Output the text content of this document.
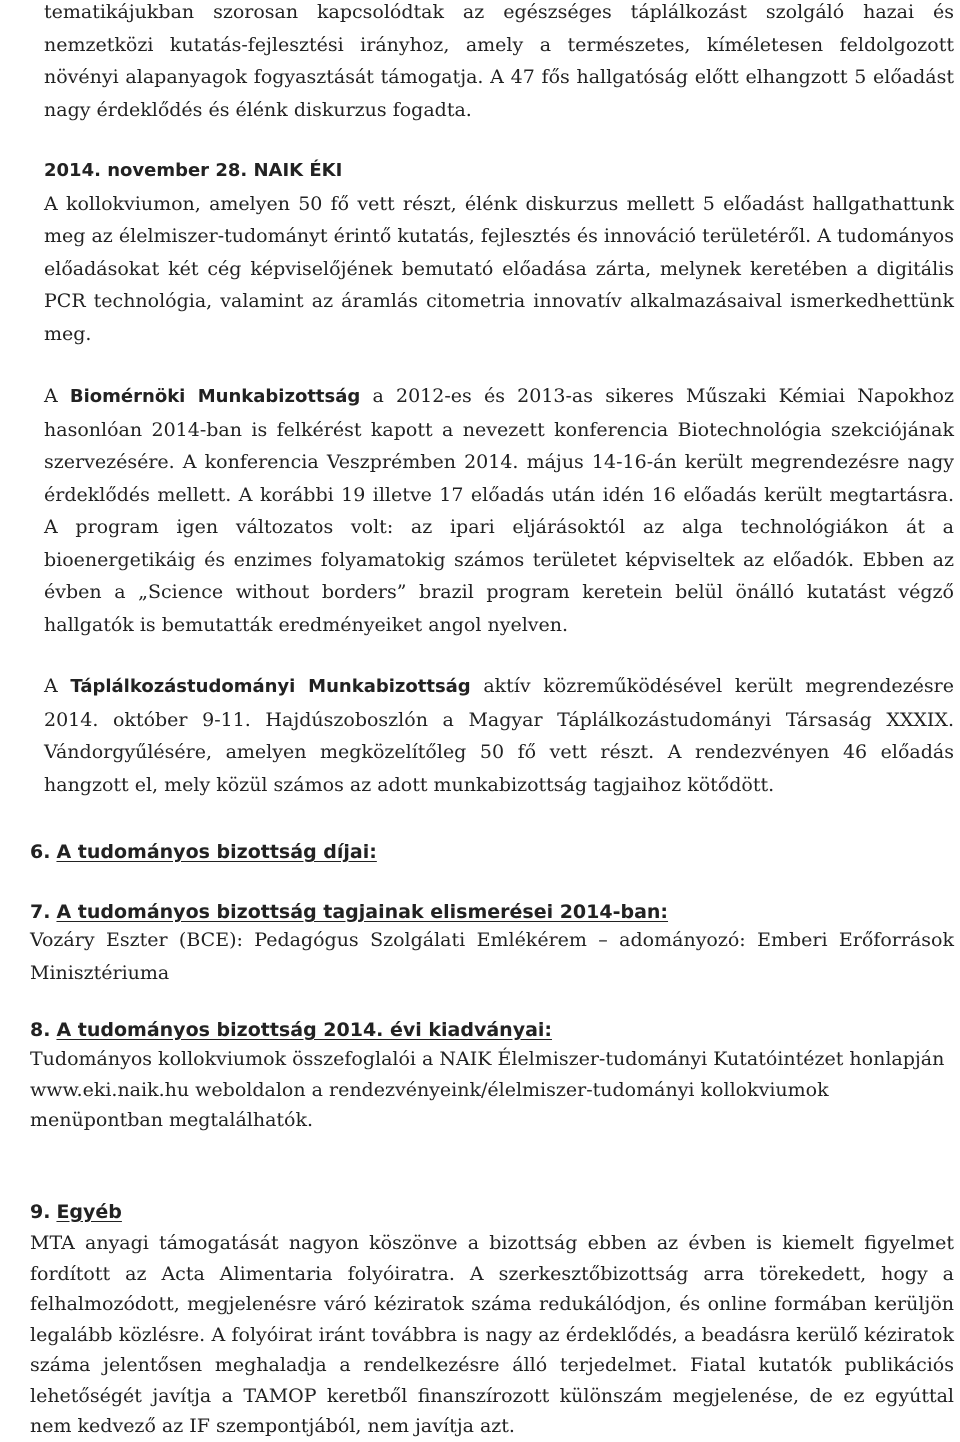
tematikájukban szorosan kapcsolódtak az egészséges táplálkozást szolgáló hazai és nemzetközi kutatás-fejlesztési irányhoz, amely a természetes, kíméletesen feldolgozott növényi alapanyagok fogyasztását támogatja. A 47 fős hallgatóság előtt elhangzott 5 előadást nagy érdeklődés és élénk diskurzus fogadta.

2014. november 28. NAIK ÉKI
A kollokviumon, amelyen 50 fő vett részt, élénk diskurzus mellett 5 előadást hallgathattunk meg az élelmiszer-tudományt érintő kutatás, fejlesztés és innováció területéről. A tudományos előadásokat két cég képviselőjének bemutató előadása zárta, melynek keretében a digitális PCR technológia, valamint az áramlás citometria innovatív alkalmazásaival ismerkedhettünk meg.

A Biomérnöki Munkabizottság a 2012-es és 2013-as sikeres Műszaki Kémiai Napokhoz hasonlóan 2014-ban is felkérést kapott a nevezett konferencia Biotechnológia szekciójának szervezésére. A konferencia Veszprémben 2014. május 14-16-án került megrendezésre nagy érdeklődés mellett. A korábbi 19 illetve 17 előadás után idén 16 előadás került megtartásra. A program igen változatos volt: az ipari eljárásoktól az alga technológiákon át a bioenergetikáig és enzimes folyamatokig számos területet képviseltek az előadók. Ebben az évben a „Science without borders” brazil program keretein belül önálló kutatást végző hallgatók is bemutatták eredményeiket angol nyelven.

A Táplálkozástudományi Munkabizottság aktív közreműködésével került megrendezésre 2014. október 9-11. Hajdúszoboszlón a Magyar Táplálkozástudományi Társaság XXXIX. Vándorgyűlésére, amelyen megközelítőleg 50 fő vett részt. A rendezvényen 46 előadás hangzott el, mely közül számos az adott munkabizottság tagjaihoz kötődött.

6. A tudományos bizottság díjai:
7. A tudományos bizottság tagjainak elismerései 2014-ban:

Vozáry Eszter (BCE): Pedagógus Szolgálati Emlékérem – adományozó: Emberi Erőforrások Minisztériuma

8. A tudományos bizottság 2014. évi kiadványai:

Tudományos kollokviumok összefoglalói a NAIK Élelmiszer-tudományi Kutatóintézet honlapján www.eki.naik.hu weboldalon a rendezvényeink/élelmiszer-tudományi kollokviumok menüpontban megtalálhatók.

9. Egyéb

MTA anyagi támogatását nagyon köszönve a bizottság ebben az évben is kiemelt figyelmet fordított az Acta Alimentaria folyóiratra. A szerkesztőbizottság arra törekedett, hogy a felhalmozódott, megjelenésre váró kéziratok száma redukálódjon, és online formában kerüljön legalább közlésre. A folyóirat iránt továbbra is nagy az érdeklődés, a beadásra kerülő kéziratok száma jelentősen meghaladja a rendelkezésre álló terjedelmet. Fiatal kutatók publikációs lehetőségét javítja a TAMOP keretből finanszírozott különszám megjelenése, de ez egyúttal nem kedvező az IF szempontjából, nem javítja azt.
